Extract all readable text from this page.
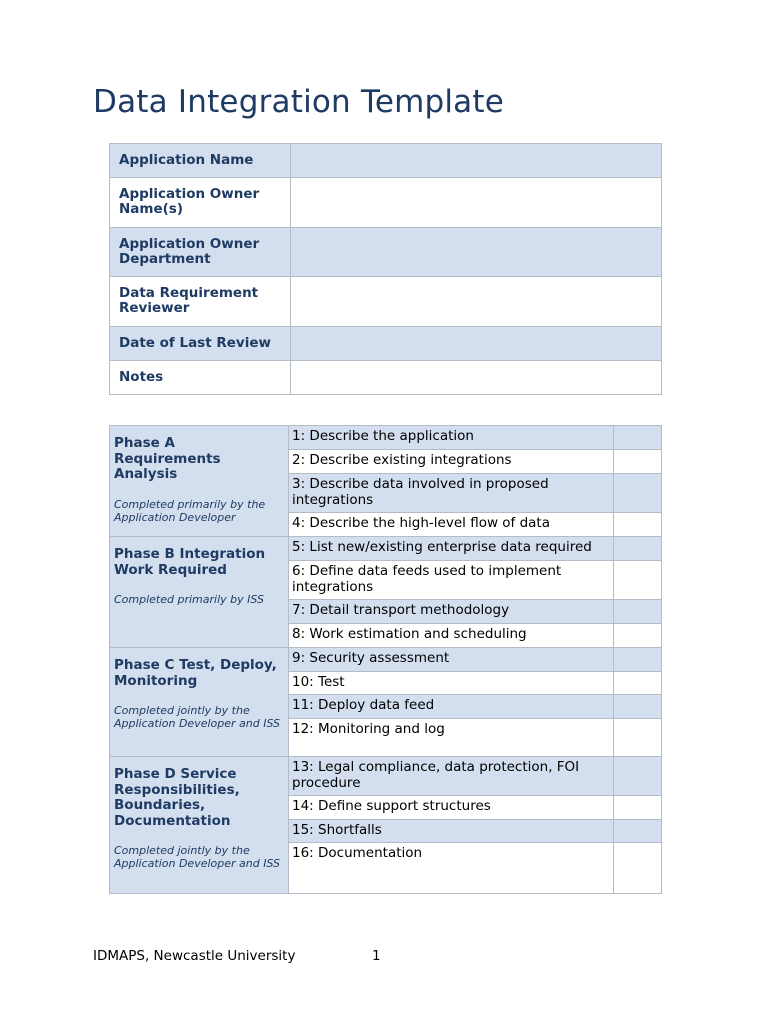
Data Integration Template
Application Name	
Application Owner Name(s)	
Application Owner Department	
Data Requirement Reviewer	
Date of Last Review	
Notes	
Phase A Requirements Analysis
Completed primarily by the Application Developer	1: Describe the application	
	2: Describe existing integrations	
	3: Describe data involved in proposed integrations	
	4: Describe the high-level flow of data	

Phase B Integration Work Required
Completed primarily by ISS	5: List new/existing enterprise data required	
	6: Define data feeds used to implement integrations	
	7: Detail transport methodology	
	8: Work estimation and scheduling	

Phase C Test, Deploy, Monitoring
Completed jointly by the Application Developer and ISS	9: Security assessment	
	10: Test	
	11: Deploy data feed	
	12: Monitoring and log	

Phase D Service Responsibilities, Boundaries, Documentation
Completed jointly by the Application Developer and ISS	13: Legal compliance, data protection, FOI procedure	
	14: Define support structures	
	15: Shortfalls	
	16: Documentation	
IDMAPS, Newcastle University	1
